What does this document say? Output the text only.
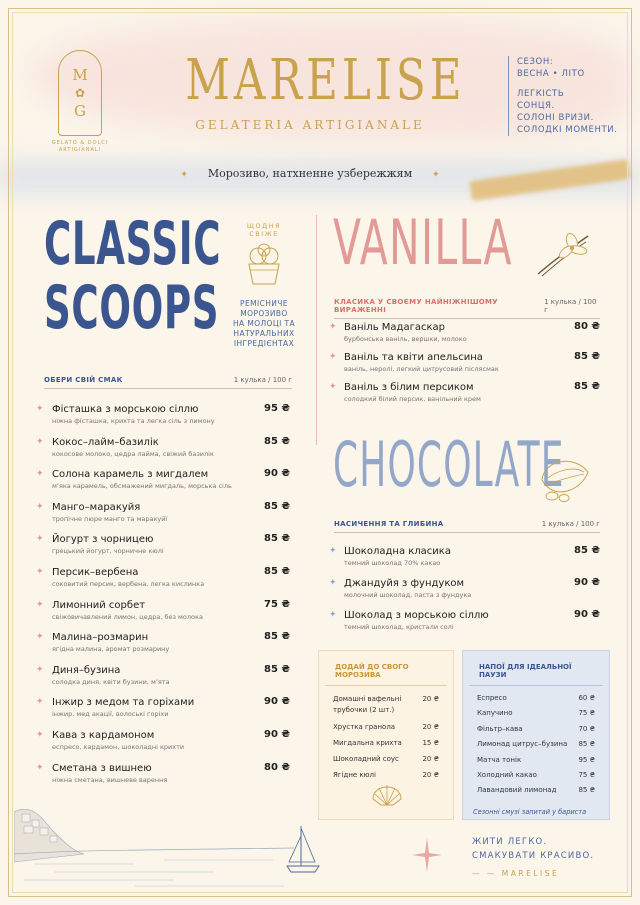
M
✿
G
GELATO & DOLCI
ARTIGIANALI
MARELISE
GELATERIA ARTIGIANALE
✦ Морозиво, натхненне узбережжям ✦
СЕЗОН:
ВЕСНА • ЛІТО
ЛЕГКІСТЬ
СОНЦЯ.
СОЛОНІ ВРИЗИ.
СОЛОДКІ МОМЕНТИ.
CLASSIC
SCOOPS
ЩОДНЯ СВІЖЕ
РЕМІСНИЧЕ
МОРОЗИВО
НА МОЛОЦІ ТА
НАТУРАЛЬНИХ
ІНГРЕДІЄНТАХ
ОБЕРИ СВІЙ СМАК	1 кулька / 100 г
✦ Фісташка з морською сіллю
ніжна фісташка, крихта та легка сіль з лимону
95 ₴
✦ Кокос–лайм–базилік
кокосове молоко, цедра лайма, свіжий базилік
85 ₴
✦ Солона карамель з мигдалем
м’яка карамель, обсмажений мигдаль, морська сіль
90 ₴
✦ Манго–маракуйя
тропічне пюре манго та маракуйї
85 ₴
✦ Йогурт з чорницею
грецький йогурт, чорничне кюлі
85 ₴
✦ Персик–вербена
соковитий персик, вербена, легка кислинка
85 ₴
✦ Лимонний сорбет
свіжовичавлений лимон, цедра, без молока
75 ₴
✦ Малина–розмарин
ягідна малина, аромат розмарину
85 ₴
✦ Диня–бузина
солодка диня, квіти бузини, м’ята
85 ₴
✦ Інжир з медом та горіхами
інжир, мед акації, волоські горіхи
90 ₴
✦ Кава з кардамоном
еспресо, кардамон, шоколадні крихти
90 ₴
✦ Сметана з вишнею
ніжна сметана, вишневе варення
80 ₴
VANILLA
КЛАСИКА У СВОЄМУ НАЙНІЖНІШОМУ ВИРАЖЕННІ
1 кулька / 100 г
✦ Ваніль Мадагаскар
бурбонська ваніль, вершки, молоко
80 ₴
✦ Ваніль та квіти апельсина
ваніль, неролі, легкий цитрусовий післясмак
85 ₴
✦ Ваніль з білим персиком
солодкий білий персик, ванільний крем
85 ₴
CHOCOLATE
НАСИЧЕННЯ ТА ГЛИБИНА	1 кулька / 100 г
✦ Шоколадна класика
темний шоколад 70% какао
85 ₴
✦ Джандуйя з фундуком
молочний шоколад, паста з фундука
90 ₴
✦ Шоколад з морською сіллю
темний шоколад, кристали солі
90 ₴
ДОДАЙ ДО СВОГО МОРОЗИВА
Домашні вафельні
трубочки (2 шт.)
20 ₴
Хрустка гранола	20 ₴
Мигдальна крихта	15 ₴
Шоколадний соус	20 ₴
Ягідне кюлі	20 ₴
НАПОЇ ДЛЯ ІДЕАЛЬНОЇ ПАУЗИ
Еспресо	60 ₴
Капучино	75 ₴
Фільтр–кава	70 ₴
Лимонад цитрус–бузина 85 ₴
Матча тонік	95 ₴
Холодний какао	75 ₴
Лавандовий лимонад	85 ₴
Сезонні смузі запитай у бариста
ЖИТИ ЛЕГКО.
СМАКУВАТИ КРАСИВО.
— — MARELISE
